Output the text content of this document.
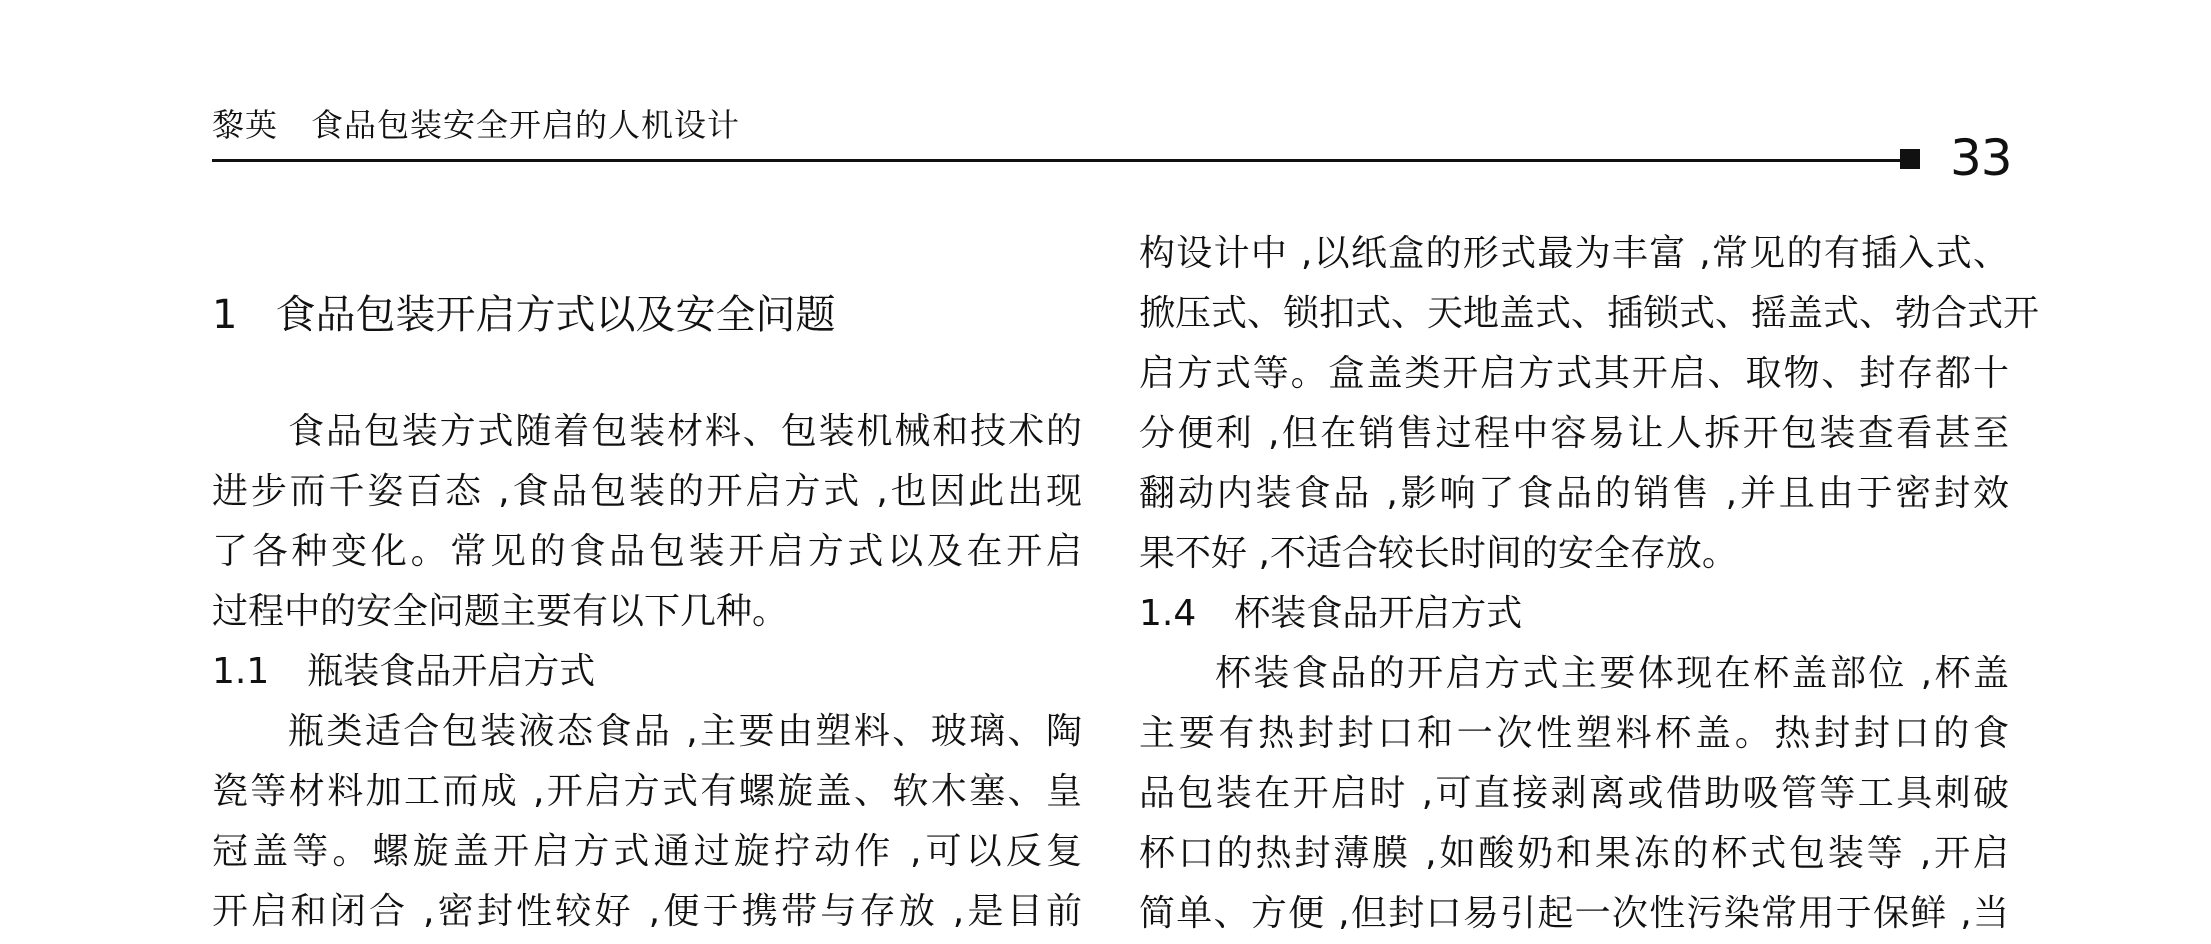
黎英　食品包装安全开启的人机设计
33
1 食品包装开启方式以及安全问题
食品包装方式随着包装材料、包装机械和技术的
进步而千姿百态 ,食品包装的开启方式 ,也因此出现
了各种变化。常见的食品包装开启方式以及在开启
过程中的安全问题主要有以下几种。
1.1 瓶装食品开启方式
瓶类适合包装液态食品 ,主要由塑料、玻璃、陶
瓷等材料加工而成 ,开启方式有螺旋盖、软木塞、皇
冠盖等。螺旋盖开启方式通过旋拧动作 ,可以反复
开启和闭合 ,密封性较好 ,便于携带与存放 ,是目前
构设计中 ,以纸盒的形式最为丰富 ,常见的有插入式、
掀压式、锁扣式、天地盖式、插锁式、摇盖式、勃合式开
启方式等。盒盖类开启方式其开启、取物、封存都十
分便利 ,但在销售过程中容易让人拆开包装查看甚至
翻动内装食品 ,影响了食品的销售 ,并且由于密封效
果不好 ,不适合较长时间的安全存放。
1.4 杯装食品开启方式
杯装食品的开启方式主要体现在杯盖部位 ,杯盖
主要有热封封口和一次性塑料杯盖。热封封口的食
品包装在开启时 ,可直接剥离或借助吸管等工具刺破
杯口的热封薄膜 ,如酸奶和果冻的杯式包装等 ,开启
简单、方便 ,但封口易引起一次性污染常用于保鲜 ,当
